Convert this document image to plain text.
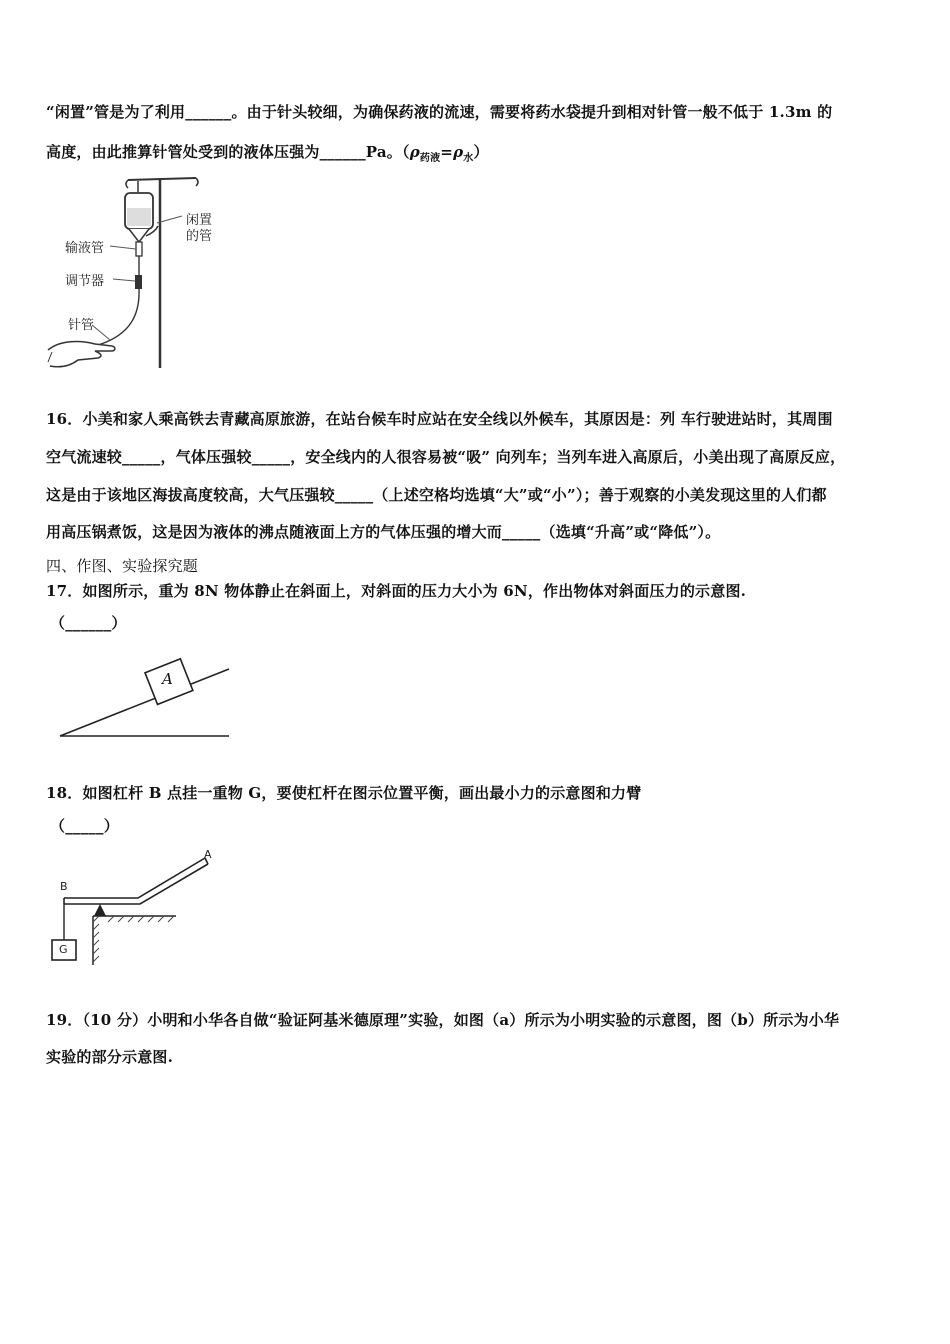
“闲置”管是为了利用______。由于针头较细，为确保药液的流速，需要将药水袋提升到相对针管一般不低于 1.3m 的
高度，由此推算针管处受到的液体压强为______Pa。$(\rho_{药液}=\rho_水)$
闲置
的管
输液管
调节器
针管
16．小美和家人乘高铁去青藏高原旅游，在站台候车时应站在安全线以外候车，其原因是：列 车行驶进站时，其周围
空气流速较_____，气体压强较_____，安全线内的人很容易被“吸” 向列车；当列车进入高原后，小美出现了高原反应，
这是由于该地区海拔高度较高，大气压强较_____（上述空格均选填“大”或“小”）；善于观察的小美发现这里的人们都
用高压锅煮饭，这是因为液体的沸点随液面上方的气体压强的增大而_____（选填“升高”或“降低”）。
四、作图、实验探究题
17．如图所示，重为 8N 物体静止在斜面上，对斜面的压力大小为 6N，作出物体对斜面压力的示意图.
（______）
A
18．如图杠杆 B 点挂一重物 G，要使杠杆在图示位置平衡，画出最小力的示意图和力臂
（_____）
B
A
G
19．（10 分）小明和小华各自做“验证阿基米德原理”实验，如图（a）所示为小明实验的示意图，图（b）所示为小华
实验的部分示意图.
